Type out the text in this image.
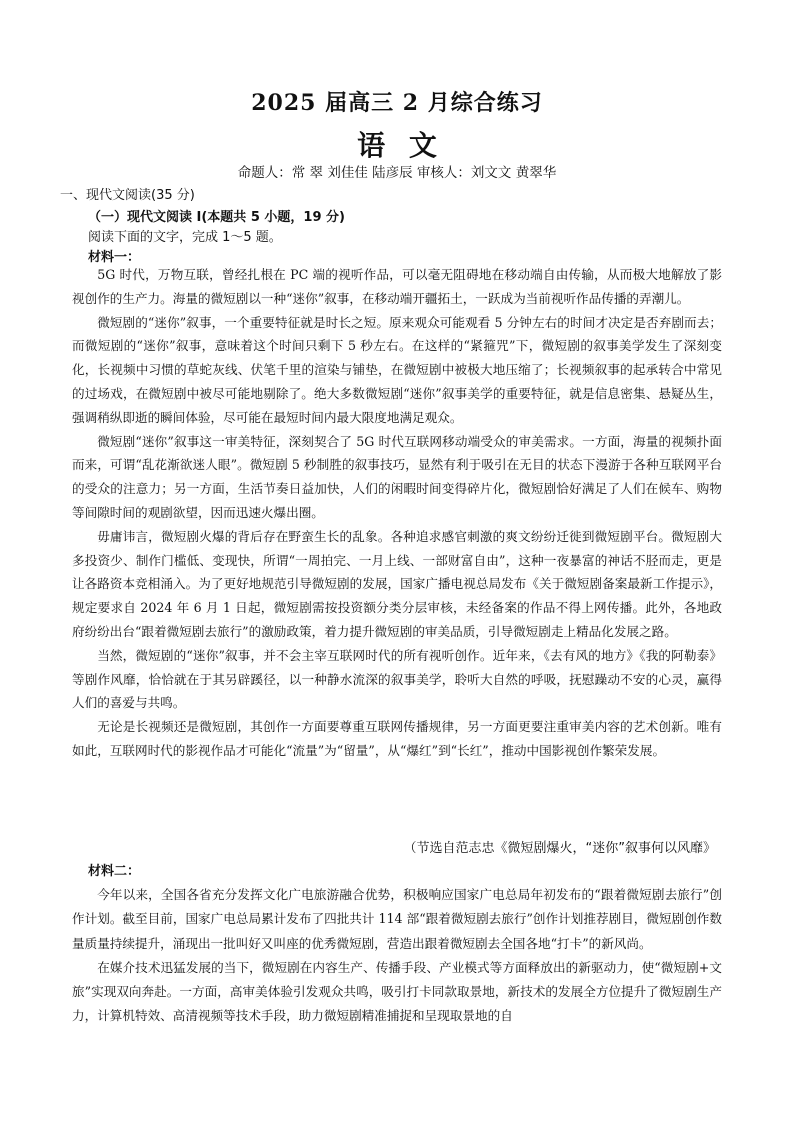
2025 届高三 2 月综合练习
语 文
命题人：常 翠 刘佳佳 陆彦辰 审核人：刘文文 黄翠华
一、现代文阅读(35 分)
（一）现代文阅读 I(本题共 5 小题，19 分)
阅读下面的文字，完成 1～5 题。
材料一：

5G 时代，万物互联，曾经扎根在 PC 端的视听作品，可以毫无阻碍地在移动端自由传输，从而极大地解放了影视创作的生产力。海量的微短剧以一种“迷你”叙事，在移动端开疆拓土，一跃成为当前视听作品传播的弄潮儿。

微短剧的“迷你”叙事，一个重要特征就是时长之短。原来观众可能观看 5 分钟左右的时间才决定是否弃剧而去；而微短剧的“迷你”叙事，意味着这个时间只剩下 5 秒左右。在这样的“紧箍咒”下，微短剧的叙事美学发生了深刻变化，长视频中习惯的草蛇灰线、伏笔千里的渲染与铺垫，在微短剧中被极大地压缩了；长视频叙事的起承转合中常见的过场戏，在微短剧中被尽可能地剔除了。绝大多数微短剧“迷你”叙事美学的重要特征，就是信息密集、悬疑丛生，强调稍纵即逝的瞬间体验，尽可能在最短时间内最大限度地满足观众。

微短剧“迷你”叙事这一审美特征，深刻契合了 5G 时代互联网移动端受众的审美需求。一方面，海量的视频扑面而来，可谓“乱花渐欲迷人眼”。微短剧 5 秒制胜的叙事技巧，显然有利于吸引在无目的状态下漫游于各种互联网平台的受众的注意力；另一方面，生活节奏日益加快，人们的闲暇时间变得碎片化，微短剧恰好满足了人们在候车、购物等间隙时间的观剧欲望，因而迅速火爆出圈。

毋庸讳言，微短剧火爆的背后存在野蛮生长的乱象。各种追求感官刺激的爽文纷纷迁徙到微短剧平台。微短剧大多投资少、制作门槛低、变现快，所谓“一周拍完、一月上线、一部财富自由”，这种一夜暴富的神话不胫而走，更是让各路资本竞相涌入。为了更好地规范引导微短剧的发展，国家广播电视总局发布《关于微短剧备案最新工作提示》，规定要求自 2024 年 6 月 1 日起，微短剧需按投资额分类分层审核，未经备案的作品不得上网传播。此外，各地政府纷纷出台“跟着微短剧去旅行”的激励政策，着力提升微短剧的审美品质，引导微短剧走上精品化发展之路。

当然，微短剧的“迷你”叙事，并不会主宰互联网时代的所有视听创作。近年来，《去有风的地方》《我的阿勒泰》等剧作风靡，恰恰就在于其另辟蹊径，以一种静水流深的叙事美学，聆听大自然的呼吸，抚慰躁动不安的心灵，赢得人们的喜爱与共鸣。

无论是长视频还是微短剧，其创作一方面要尊重互联网传播规律，另一方面更要注重审美内容的艺术创新。唯有如此，互联网时代的影视作品才可能化“流量”为“留量”，从“爆红”到“长红”，推动中国影视创作繁荣发展。

（节选自范志忠《微短剧爆火，“迷你”叙事何以风靡》
材料二：

今年以来，全国各省充分发挥文化广电旅游融合优势，积极响应国家广电总局年初发布的“跟着微短剧去旅行”创作计划。截至目前，国家广电总局累计发布了四批共计 114 部“跟着微短剧去旅行”创作计划推荐剧目，微短剧创作数量质量持续提升，涌现出一批叫好又叫座的优秀微短剧，营造出跟着微短剧去全国各地“打卡”的新风尚。

在媒介技术迅猛发展的当下，微短剧在内容生产、传播手段、产业模式等方面释放出的新驱动力，使“微短剧+文旅”实现双向奔赴。一方面，高审美体验引发观众共鸣，吸引打卡同款取景地，新技术的发展全方位提升了微短剧生产力，计算机特效、高清视频等技术手段，助力微短剧精准捕捉和呈现取景地的自
